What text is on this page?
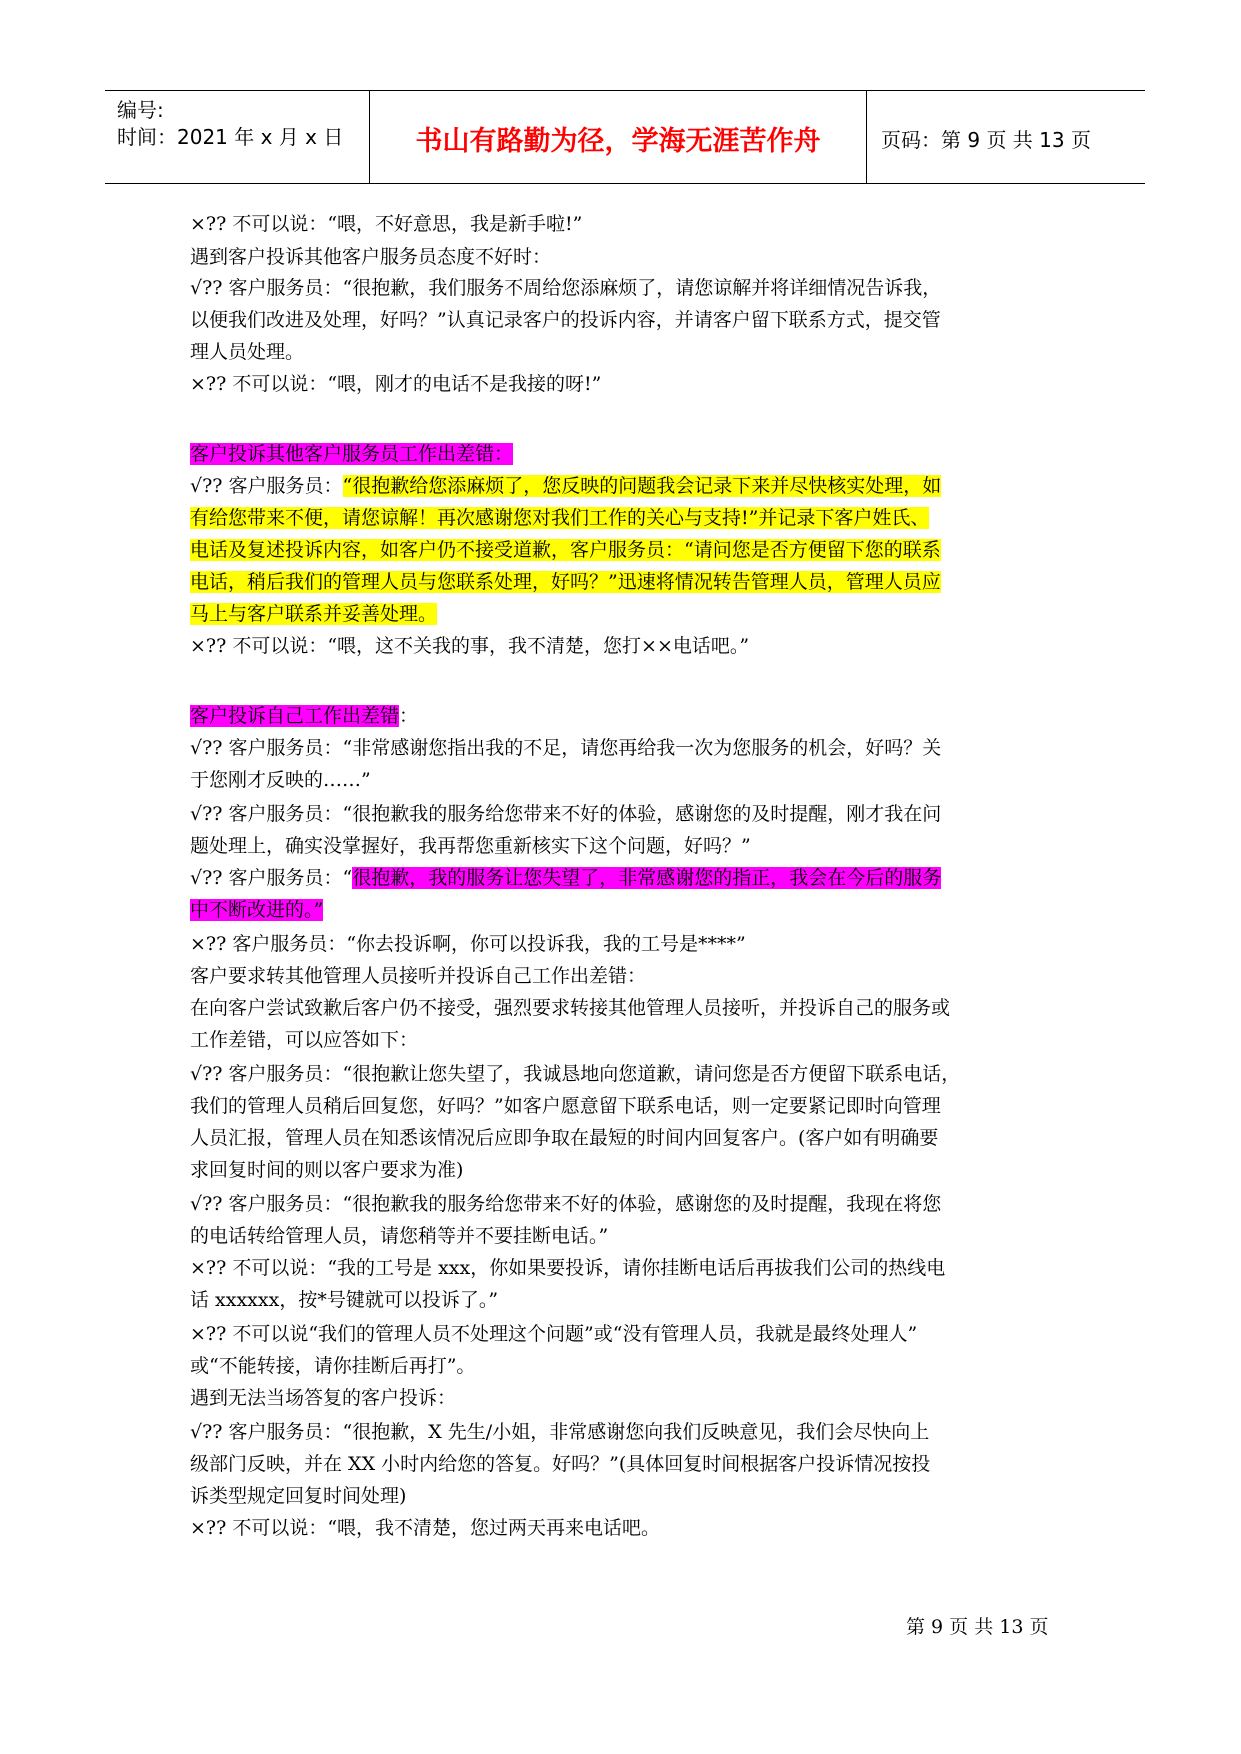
编号:
时间：2021 年 x 月 x 日	书山有路勤为径，学海无涯苦作舟	页码：第 9 页 共 13 页
×?? 不可以说：“喂，不好意思，我是新手啦!”
遇到客户投诉其他客户服务员态度不好时：
√?? 客户服务员：“很抱歉，我们服务不周给您添麻烦了，请您谅解并将详细情况告诉我，
以便我们改进及处理，好吗？”认真记录客户的投诉内容，并请客户留下联系方式，提交管
理人员处理。
×?? 不可以说：“喂，刚才的电话不是我接的呀!”
客户投诉其他客户服务员工作出差错：
√?? 客户服务员：“很抱歉给您添麻烦了，您反映的问题我会记录下来并尽快核实处理，如
有给您带来不便，请您谅解！再次感谢您对我们工作的关心与支持!”并记录下客户姓氏、
电话及复述投诉内容，如客户仍不接受道歉，客户服务员：“请问您是否方便留下您的联系
电话，稍后我们的管理人员与您联系处理，好吗？”迅速将情况转告管理人员，管理人员应
马上与客户联系并妥善处理。
×?? 不可以说：“喂，这不关我的事，我不清楚，您打××电话吧。”
客户投诉自己工作出差错：
√?? 客户服务员：“非常感谢您指出我的不足，请您再给我一次为您服务的机会，好吗？关
于您刚才反映的……”
√?? 客户服务员：“很抱歉我的服务给您带来不好的体验，感谢您的及时提醒，刚才我在问
题处理上，确实没掌握好，我再帮您重新核实下这个问题，好吗？”
√?? 客户服务员：“很抱歉，我的服务让您失望了，非常感谢您的指正，我会在今后的服务
中不断改进的。”
×?? 客户服务员：“你去投诉啊，你可以投诉我，我的工号是****”
客户要求转其他管理人员接听并投诉自己工作出差错：
在向客户尝试致歉后客户仍不接受，强烈要求转接其他管理人员接听，并投诉自己的服务或
工作差错，可以应答如下：
√?? 客户服务员：“很抱歉让您失望了，我诚恳地向您道歉，请问您是否方便留下联系电话，
我们的管理人员稍后回复您，好吗？”如客户愿意留下联系电话，则一定要紧记即时向管理
人员汇报，管理人员在知悉该情况后应即争取在最短的时间内回复客户。(客户如有明确要
求回复时间的则以客户要求为准)
√?? 客户服务员：“很抱歉我的服务给您带来不好的体验，感谢您的及时提醒，我现在将您
的电话转给管理人员，请您稍等并不要挂断电话。”
×?? 不可以说：“我的工号是 xxx，你如果要投诉，请你挂断电话后再拔我们公司的热线电
话 xxxxxx，按*号键就可以投诉了。”
×?? 不可以说“我们的管理人员不处理这个问题”或“没有管理人员，我就是最终处理人”
或“不能转接，请你挂断后再打”。
遇到无法当场答复的客户投诉：
√?? 客户服务员：“很抱歉，X 先生/小姐，非常感谢您向我们反映意见，我们会尽快向上
级部门反映，并在 XX 小时内给您的答复。好吗？”(具体回复时间根据客户投诉情况按投
诉类型规定回复时间处理)
×?? 不可以说：“喂，我不清楚，您过两天再来电话吧。
第 9 页 共 13 页
